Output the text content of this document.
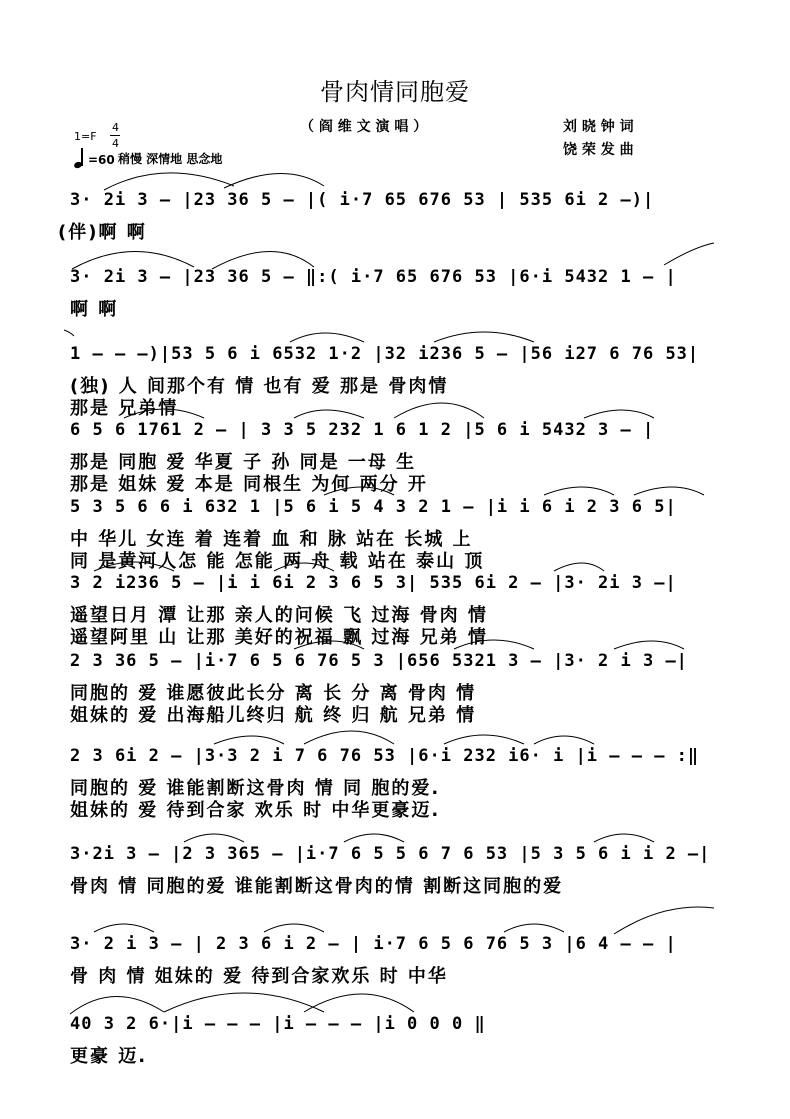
骨肉情同胞爱
（ 阎 维 文 演 唱 ）	刘 晓 钟 词
饶 荣 发 曲
1=F
4
4
=60 稍慢 深情地 思念地
3· 2i 3 – |23 36 5 – |( i·7 65 676 53 | 535 6i 2 –)|
(伴)啊 啊
3· 2i 3 – |23 36 5 – ‖:( i·7 65 676 53 |6·i 5432 1 – |
啊 啊
1 – – –)|53 5 6 i 6532 1·2 |32 i236 5 – |56 i27 6 76 53|
(独) 人 间那个有 情 也有 爱 那是 骨肉情
那是 兄弟情
6 5 6 1761 2 – | 3 3 5 232 1 6 1 2 |5 6 i 5432 3 – |
那是 同胞 爱 华夏 子 孙 同是 一母 生
那是 姐妹 爱 本是 同根生 为何 两分 开
5 3 5 6 6 i 632 1 |5 6 i 5 4 3 2 1 – |i i 6 i 2 3 6 5|
中 华儿 女连 着 连着 血 和 脉 站在 长城 上
同 是黄河人怎 能 怎能 两 舟 载 站在 泰山 顶
3 2 i236 5 – |i i 6i 2 3 6 5 3| 535 6i 2 – |3· 2i 3 –|
遥望日月 潭 让那 亲人的问候 飞 过海 骨肉 情
遥望阿里 山 让那 美好的祝福 飘 过海 兄弟 情
2 3 36 5 – |i·7 6 5 6 76 5 3 |656 5321 3 – |3· 2 i 3 –|
同胞的 爱 谁愿彼此长分 离 长 分 离 骨肉 情
姐妹的 爱 出海船儿终归 航 终 归 航 兄弟 情
2 3 6i 2 – |3·3 2 i 7 6 76 53 |6·i 232 i6· i |i – – – :‖
同胞的 爱 谁能割断这骨肉 情 同 胞的爱.
姐妹的 爱 待到合家 欢乐 时 中华更豪迈.
3·2i 3 – |2 3 365 – |i·7 6 5 5 6 7 6 53 |5 3 5 6 i i 2 –|
骨肉 情 同胞的爱 谁能割断这骨肉的情 割断这同胞的爱
3· 2 i 3 – | 2 3 6 i 2 – | i·7 6 5 6 76 5 3 |6 4 – – |
骨 肉 情 姐妹的 爱 待到合家欢乐 时 中华
40 3 2 6·|i – – – |i – – – |i 0 0 0 ‖
更豪 迈.
